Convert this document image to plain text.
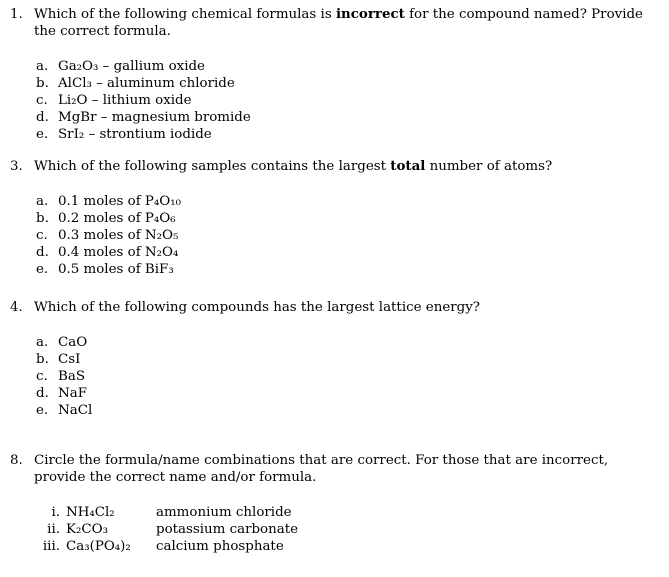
1. Which of the following chemical formulas is incorrect for the compound named? Provide the correct formula.
a. Ga₂O₃ – gallium oxide
b. AlCl₃ – aluminum chloride
c. Li₂O – lithium oxide
d. MgBr – magnesium bromide
e. SrI₂ – strontium iodide
3. Which of the following samples contains the largest total number of atoms?
a. 0.1 moles of P₄O₁₀
b. 0.2 moles of P₄O₆
c. 0.3 moles of N₂O₅
d. 0.4 moles of N₂O₄
e. 0.5 moles of BiF₃
4. Which of the following compounds has the largest lattice energy?
a. CaO
b. CsI
c. BaS
d. NaF
e. NaCl
8. Circle the formula/name combinations that are correct. For those that are incorrect, provide the correct name and/or formula.
i. NH₄Cl₂	ammonium chloride
ii. K₂CO₃	potassium carbonate
iii. Ca₃(PO₄)₂ calcium phosphate
